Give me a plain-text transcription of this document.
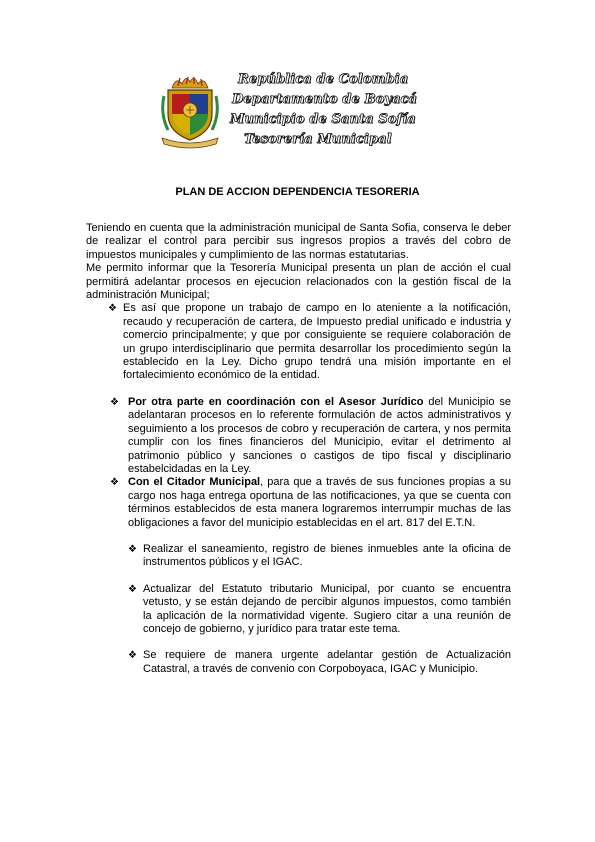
República de Colombia
Departamento de Boyacá
Municipio de Santa Sofía
Tesorería Municipal
PLAN DE ACCION DEPENDENCIA TESORERIA

Teniendo en cuenta que la administración municipal de Santa Sofia, conserva le deber de realizar el control para percibir sus ingresos propios a través del cobro de impuestos municipales y cumplimiento de las normas estatutarias.

Me permito informar que la Tesorería Municipal presenta un plan de acción el cual permitirá adelantar procesos en ejecucion relacionados con la gestión fiscal de la administración Municipal;

❖ Es así que propone un trabajo de campo en lo ateniente a la notificación, recaudo y recuperación de cartera, de Impuesto predial unificado e industria y comercio principalmente; y que por consiguiente se requiere colaboración de un grupo interdisciplinario que permita desarrollar los procedimiento según la establecido en la Ley. Dicho grupo tendrá una misión importante en el fortalecimiento económico de la entidad.
❖ Por otra parte en coordinación con el Asesor Jurídico del Municipio se adelantaran procesos en lo referente formulación de actos administrativos y seguimiento a los procesos de cobro y recuperación de cartera, y nos permita cumplir con los fines financieros del Municipio, evitar el detrimento al patrimonio público y sanciones o castigos de tipo fiscal y disciplinario estabelcidadas en la Ley.
❖ Con el Citador Municipal, para que a través de sus funciones propias a su cargo nos haga entrega oportuna de las notificaciones, ya que se cuenta con términos establecidos de esta manera lograremos interrumpir muchas de las obligaciones a favor del municipio establecidas en el art. 817 del E.T.N.
❖ Realizar el saneamiento, registro de bienes inmuebles ante la oficina de instrumentos públicos y el IGAC.
❖ Actualizar del Estatuto tributario Municipal, por cuanto se encuentra vetusto, y se están dejando de percibir algunos impuestos, como también la aplicación de la normatividad vigente. Sugiero citar a una reunión de concejo de gobierno, y jurídico para tratar este tema.
❖ Se requiere de manera urgente adelantar gestión de Actualización Catastral, a través de convenio con Corpoboyaca, IGAC y Municipio.
